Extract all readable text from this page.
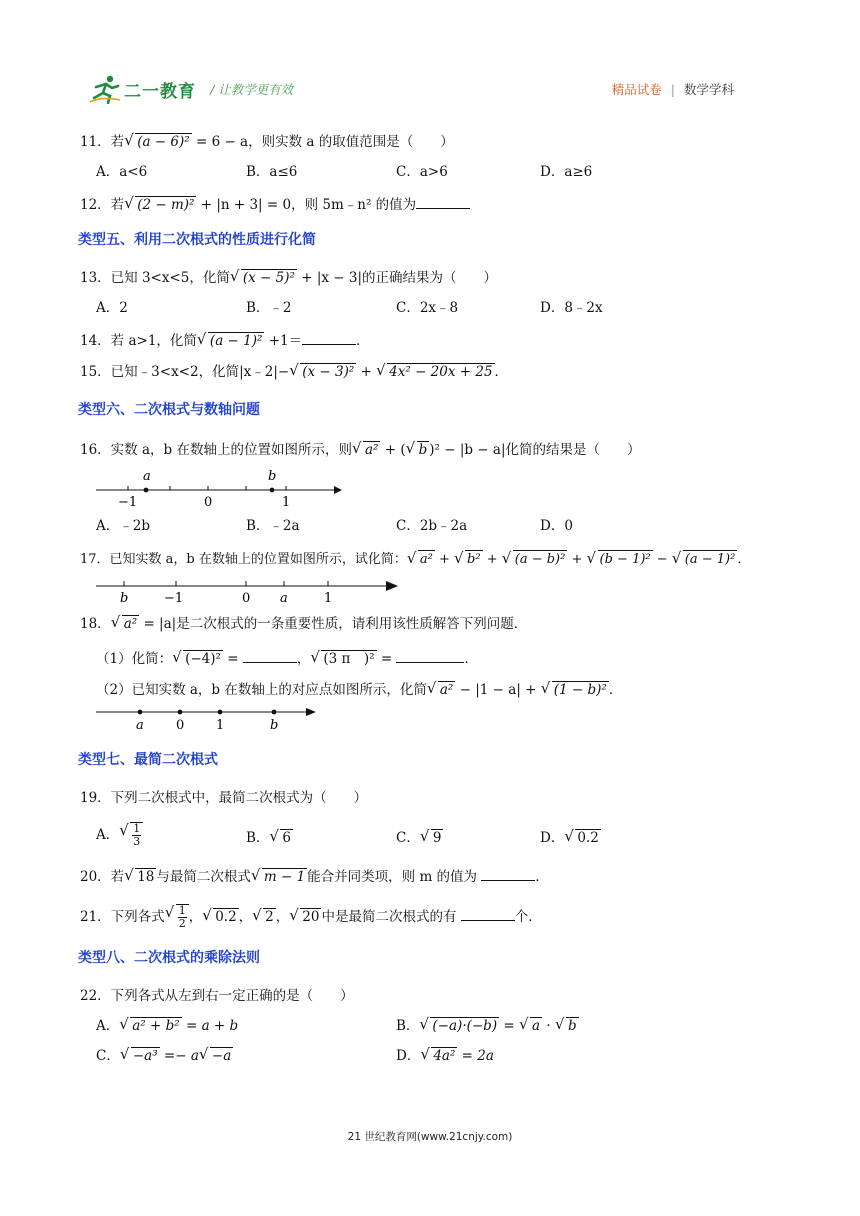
二一教育 / 让教学更有效	精品试卷 | 数学学科
11．若 √ (a − 6)² = 6 − a，则实数 a 的取值范围是（　　）
A．a<6	B．a≤6	C．a>6	D．a≥6
12．若 √ (2 − m)² + |n + 3| = 0，则 5m﹣n² 的值为
类型五、利用二次根式的性质进行化简
13．已知 3<x<5，化简 √ (x − 5)² + |x − 3|的正确结果为（　　）
A．2	B．﹣2	C．2x﹣8	D．8﹣2x
14．若 a>1，化简 √ (a − 1)² +1＝	．
15．已知﹣3<x<2，化简|x﹣2|− √ (x − 3)² + √ 4x² − 20x + 25 ．
类型六、二次根式与数轴问题
16．实数 a，b 在数轴上的位置如图所示，则 √ a² + ( √ b )² − |b − a|化简的结果是（　　）
a	b
−1	0	1
A．﹣2b	B．﹣2a	C．2b﹣2a	D．0
17．已知实数 a，b 在数轴上的位置如图所示，试化简： √ a² + √ b² + √ (a − b)² + √ (b − 1)² − √ (a − 1)² ．
b	−1	0 a	1
18． √ a² = |a|是二次根式的一条重要性质，请利用该性质解答下列问题．
（1）化简： √ (−4)² =	， √ (3 π　)² =	．
（2）已知实数 a，b 在数轴上的对应点如图所示，化简 √ a² − |1 − a| + √ (1 − b)² ．
a 0 1	b
类型七、最简二次根式
19．下列二次根式中，最简二次根式为（　　）
A． √ $\frac{1}{3}$	B． √ 6	C． √ 9	D． √ 0.2
20．若 √ 18 与最简二次根式 √ m − 1 能合并同类项，则 m 的值为	．
21．下列各式 √ $\frac{1}{2}$ ， √ 0.2 ， √ 2 ， √ 20 中是最简二次根式的有	个．
类型八、二次根式的乘除法则
22．下列各式从左到右一定正确的是（　　）
A． √ a² + b² = a + b	B． √ (−a)·(−b) = √ a · √ b
C． √ −a³ =− a √ −a	D． √ 4a² = 2a
21 世纪教育网(www.21cnjy.com)
